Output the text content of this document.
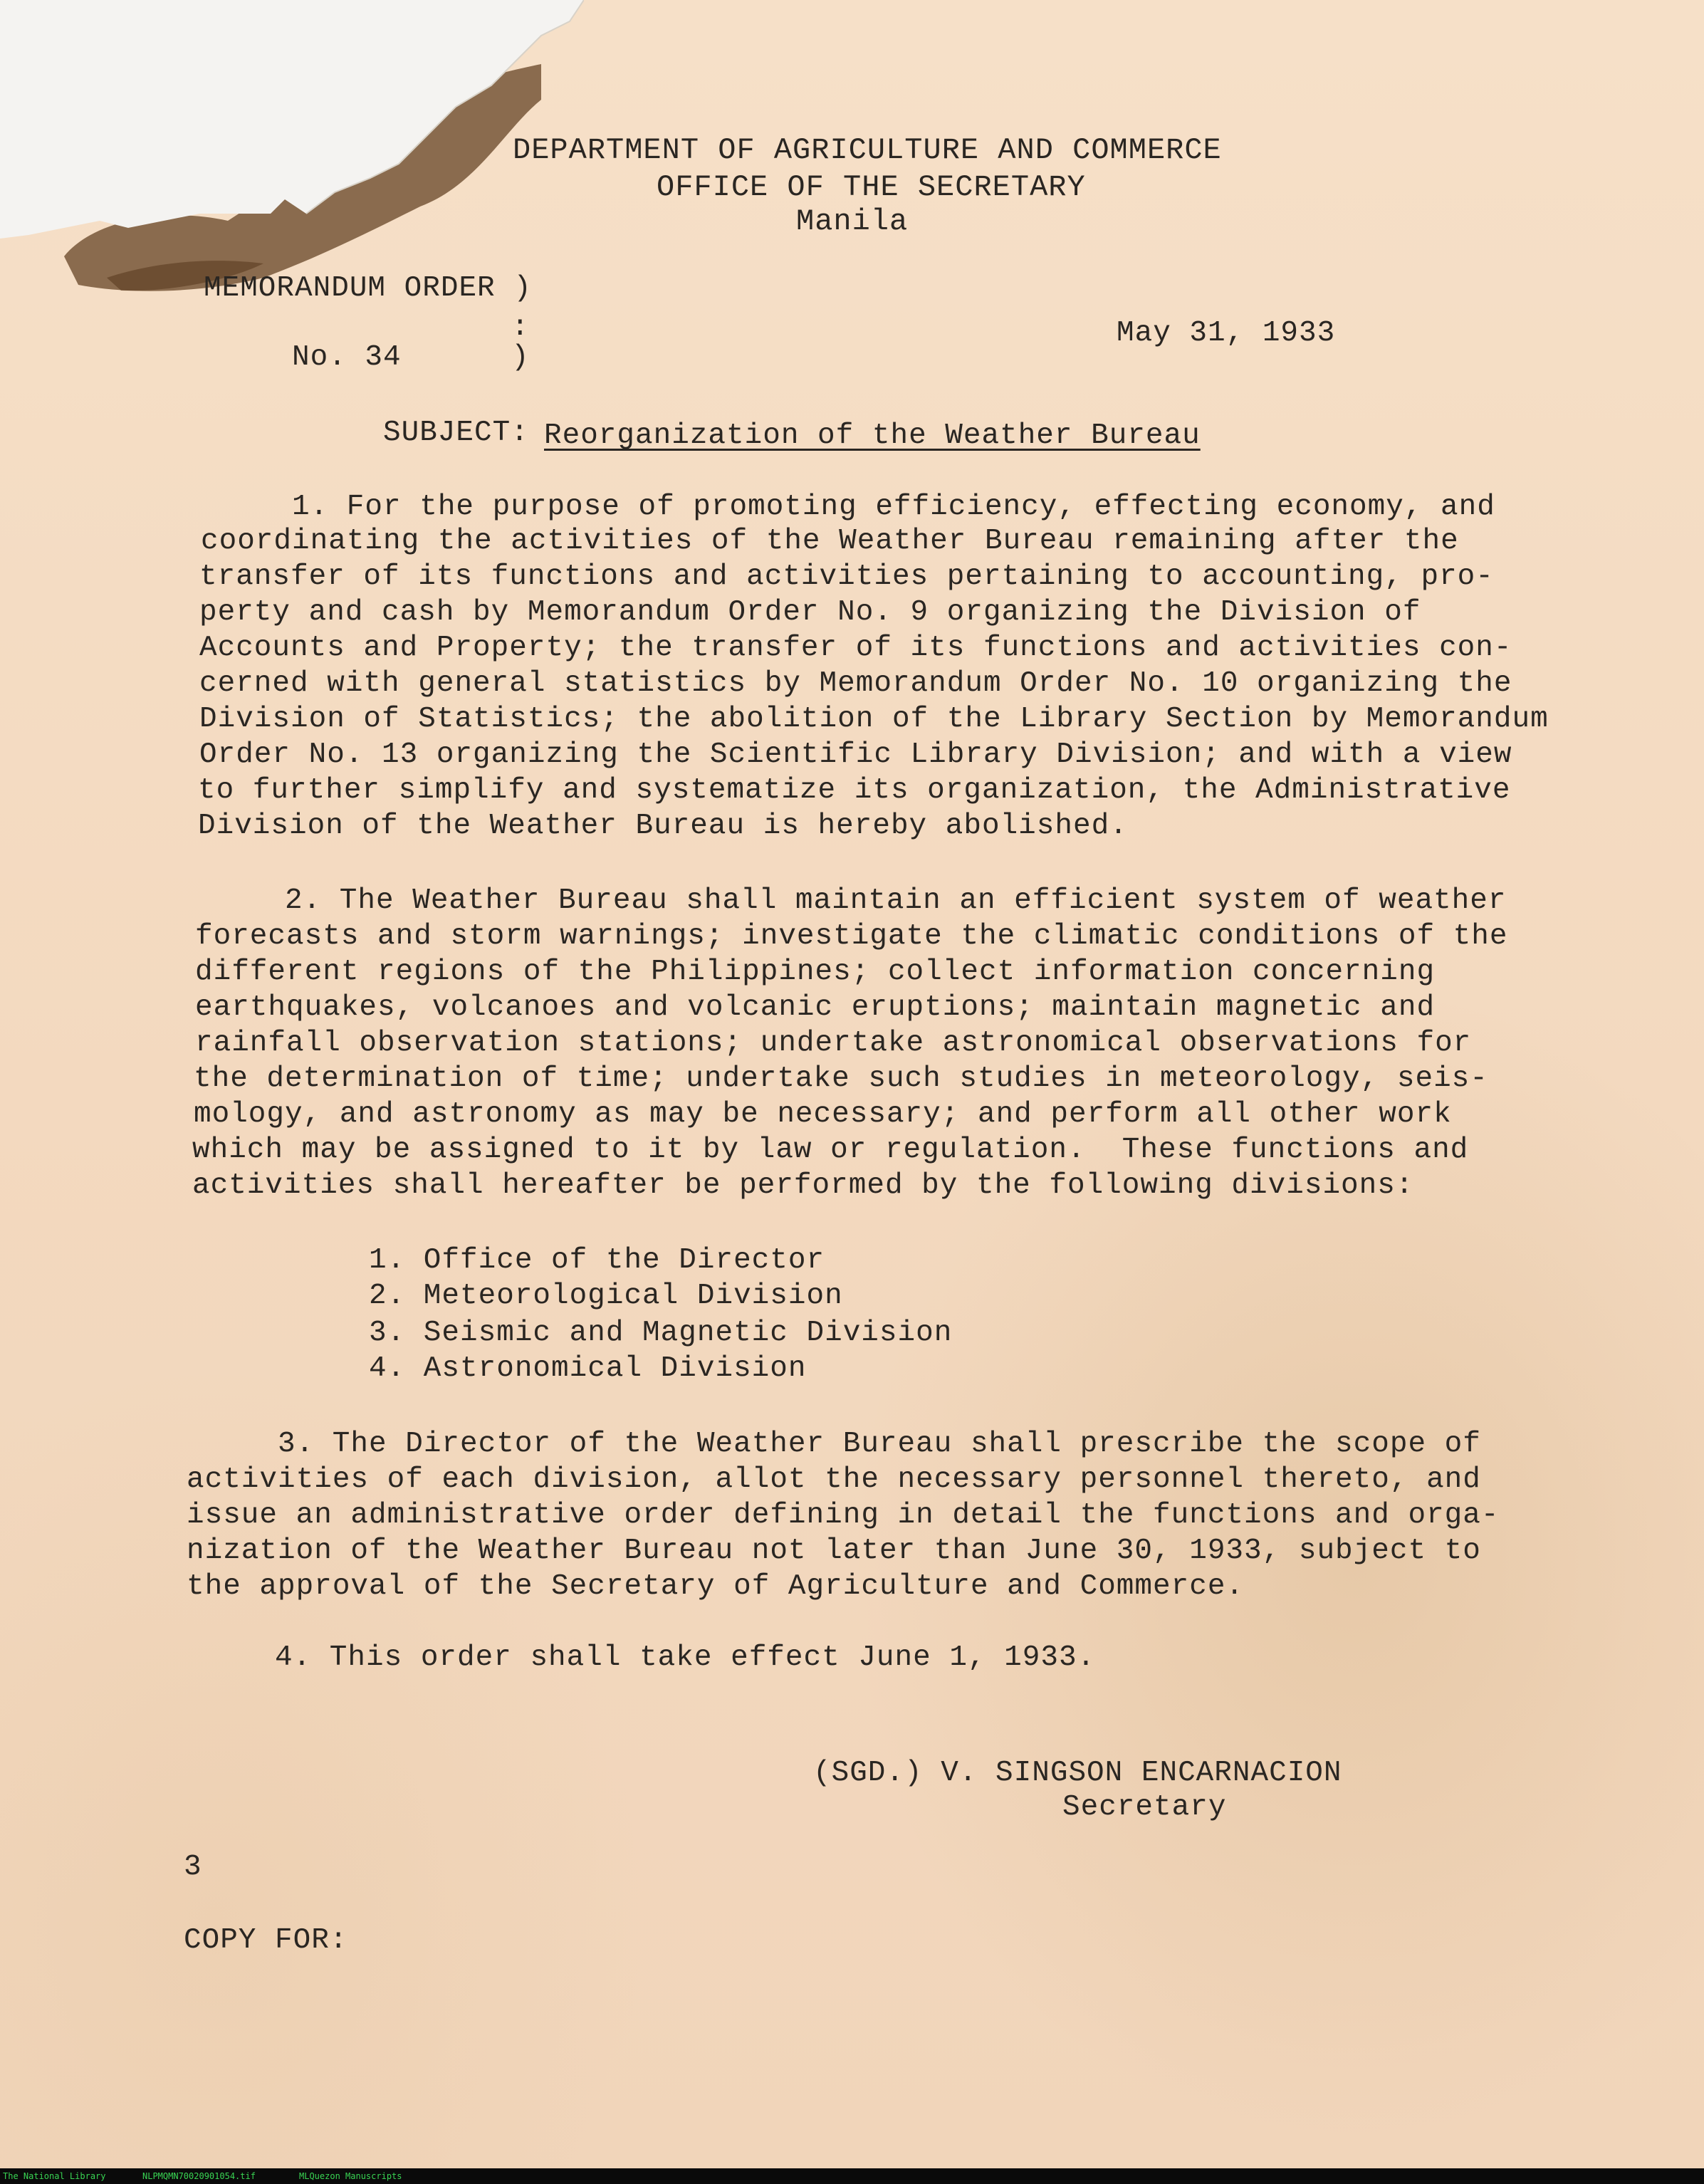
DEPARTMENT OF AGRICULTURE AND COMMERCE
OFFICE OF THE SECRETARY
Manila
MEMORANDUM ORDER )
:
No. 34	)
May 31, 1933
SUBJECT: Reorganization of the Weather Bureau
1. For the purpose of promoting efficiency, effecting economy, and
coordinating the activities of the Weather Bureau remaining after the
transfer of its functions and activities pertaining to accounting, pro-
perty and cash by Memorandum Order No. 9 organizing the Division of
Accounts and Property; the transfer of its functions and activities con-
cerned with general statistics by Memorandum Order No. 10 organizing the
Division of Statistics; the abolition of the Library Section by Memorandum
Order No. 13 organizing the Scientific Library Division; and with a view
to further simplify and systematize its organization, the Administrative
Division of the Weather Bureau is hereby abolished.
2. The Weather Bureau shall maintain an efficient system of weather
forecasts and storm warnings; investigate the climatic conditions of the
different regions of the Philippines; collect information concerning
earthquakes, volcanoes and volcanic eruptions; maintain magnetic and
rainfall observation stations; undertake astronomical observations for
the determination of time; undertake such studies in meteorology, seis-
mology, and astronomy as may be necessary; and perform all other work
which may be assigned to it by law or regulation.  These functions and
activities shall hereafter be performed by the following divisions:
1. Office of the Director
2. Meteorological Division
3. Seismic and Magnetic Division
4. Astronomical Division
3. The Director of the Weather Bureau shall prescribe the scope of
activities of each division, allot the necessary personnel thereto, and
issue an administrative order defining in detail the functions and orga-
nization of the Weather Bureau not later than June 30, 1933, subject to
the approval of the Secretary of Agriculture and Commerce.
4. This order shall take effect June 1, 1933.
(SGD.) V. SINGSON ENCARNACION
Secretary
3
COPY FOR:
The National Library	NLPMQMN70020901054.tif	MLQuezon Manuscripts
